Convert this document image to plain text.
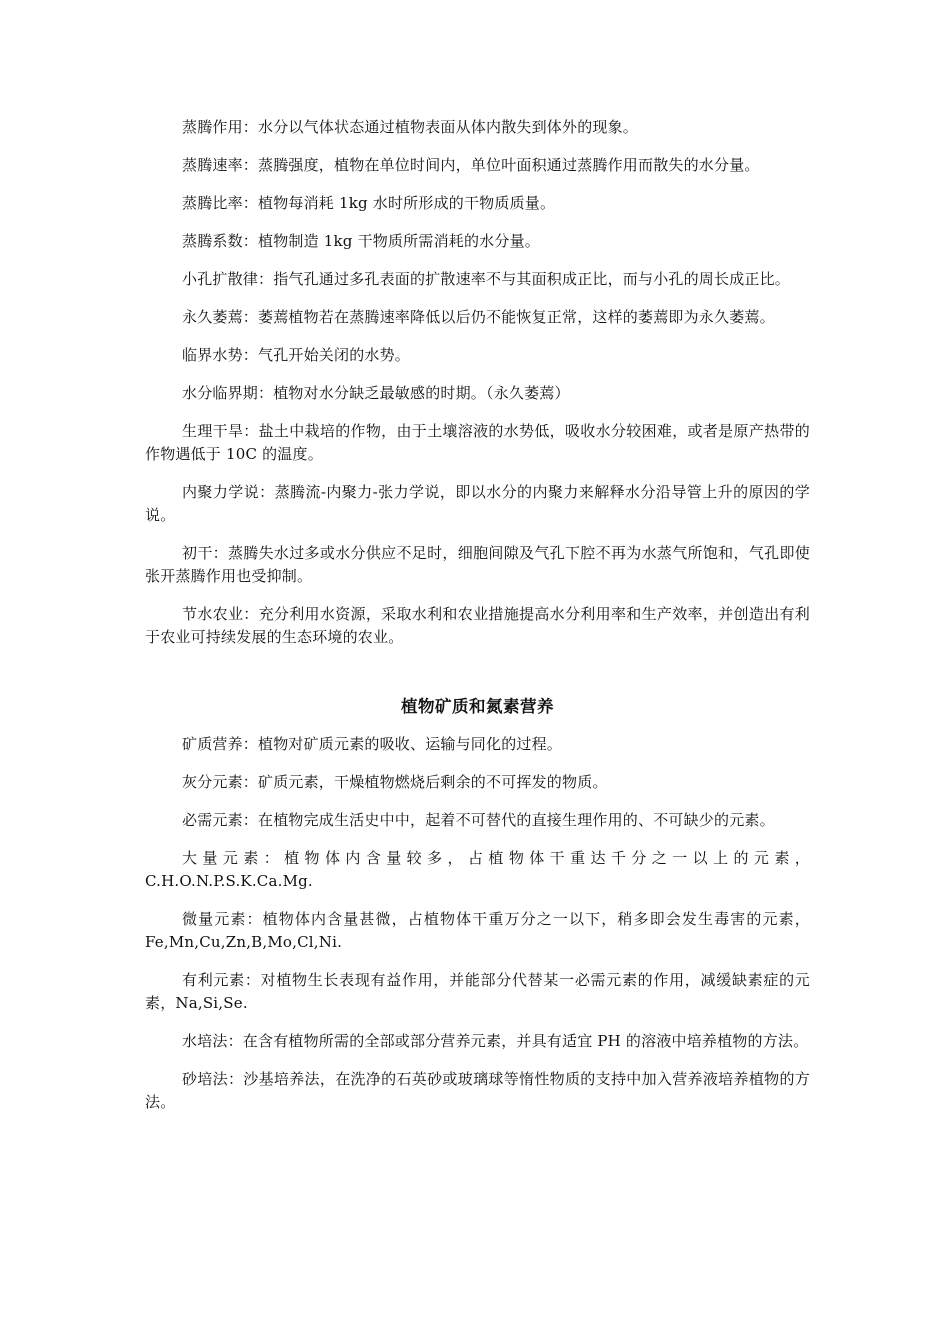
蒸腾作用：水分以气体状态通过植物表面从体内散失到体外的现象。

蒸腾速率：蒸腾强度，植物在单位时间内，单位叶面积通过蒸腾作用而散失的水分量。

蒸腾比率：植物每消耗 1kg 水时所形成的干物质质量。

蒸腾系数：植物制造 1kg 干物质所需消耗的水分量。

小孔扩散律：指气孔通过多孔表面的扩散速率不与其面积成正比，而与小孔的周长成正比。

永久萎蔫：萎蔫植物若在蒸腾速率降低以后仍不能恢复正常，这样的萎蔫即为永久萎蔫。

临界水势：气孔开始关闭的水势。

水分临界期：植物对水分缺乏最敏感的时期。（永久萎蔫）

生理干旱：盐土中栽培的作物，由于土壤溶液的水势低，吸收水分较困难，或者是原产热带的作物遇低于 10C 的温度。

内聚力学说：蒸腾流-内聚力-张力学说，即以水分的内聚力来解释水分沿导管上升的原因的学说。

初干：蒸腾失水过多或水分供应不足时，细胞间隙及气孔下腔不再为水蒸气所饱和，气孔即使张开蒸腾作用也受抑制。

节水农业：充分利用水资源，采取水利和农业措施提高水分利用率和生产效率，并创造出有利于农业可持续发展的生态环境的农业。

植物矿质和氮素营养

矿质营养：植物对矿质元素的吸收、运输与同化的过程。

灰分元素：矿质元素，干燥植物燃烧后剩余的不可挥发的物质。

必需元素：在植物完成生活史中中，起着不可替代的直接生理作用的、不可缺少的元素。

大量元素：植物体内含量较多，占植物体干重达千分之一以上的元素，C.H.O.N.P.S.K.Ca.Mg.

微量元素：植物体内含量甚微，占植物体干重万分之一以下，稍多即会发生毒害的元素，Fe,Mn,Cu,Zn,B,Mo,Cl,Ni.

有利元素：对植物生长表现有益作用，并能部分代替某一必需元素的作用，减缓缺素症的元素，Na,Si,Se.

水培法：在含有植物所需的全部或部分营养元素，并具有适宜 PH 的溶液中培养植物的方法。

砂培法：沙基培养法，在洗净的石英砂或玻璃球等惰性物质的支持中加入营养液培养植物的方法。
